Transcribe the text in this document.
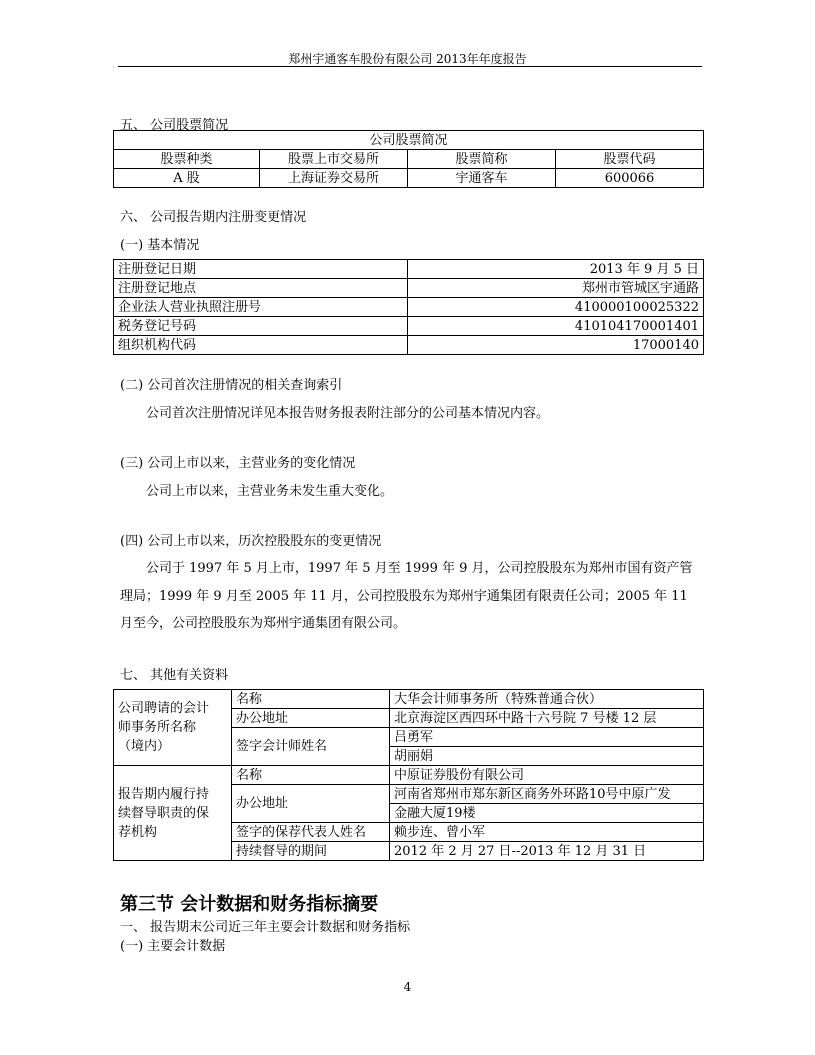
郑州宇通客车股份有限公司 2013年年度报告
五、 公司股票简况
公司股票简况			
股票种类	股票上市交易所	股票简称	股票代码
A 股	上海证券交易所	宇通客车	600066
六、 公司报告期内注册变更情况
(一) 基本情况
注册登记日期	2013 年 9 月 5 日
注册登记地点	郑州市管城区宇通路
企业法人营业执照注册号	410000100025322
税务登记号码	410104170001401
组织机构代码	17000140
(二) 公司首次注册情况的相关查询索引
公司首次注册情况详见本报告财务报表附注部分的公司基本情况内容。
(三) 公司上市以来，主营业务的变化情况
公司上市以来，主营业务未发生重大变化。
(四) 公司上市以来，历次控股股东的变更情况
公司于 1997 年 5 月上市，1997 年 5 月至 1999 年 9 月，公司控股股东为郑州市国有资产管
理局；1999 年 9 月至 2005 年 11 月，公司控股股东为郑州宇通集团有限责任公司；2005 年 11
月至今，公司控股股东为郑州宇通集团有限公司。
七、 其他有关资料
公司聘请的会计
师事务所名称
（境内）	名称	大华会计师事务所（特殊普通合伙）
	办公地址	北京海淀区西四环中路十六号院 7 号楼 12 层
	签字会计师姓名	吕勇军
		胡丽娟

报告期内履行持
续督导职责的保
荐机构	名称	中原证券股份有限公司
	办公地址	河南省郑州市郑东新区商务外环路10号中原广发
		金融大厦19楼
	签字的保荐代表人姓名	赖步连、曾小军
	持续督导的期间	2012 年 2 月 27 日--2013 年 12 月 31 日
第三节 会计数据和财务指标摘要
一、 报告期末公司近三年主要会计数据和财务指标
(一) 主要会计数据
4
